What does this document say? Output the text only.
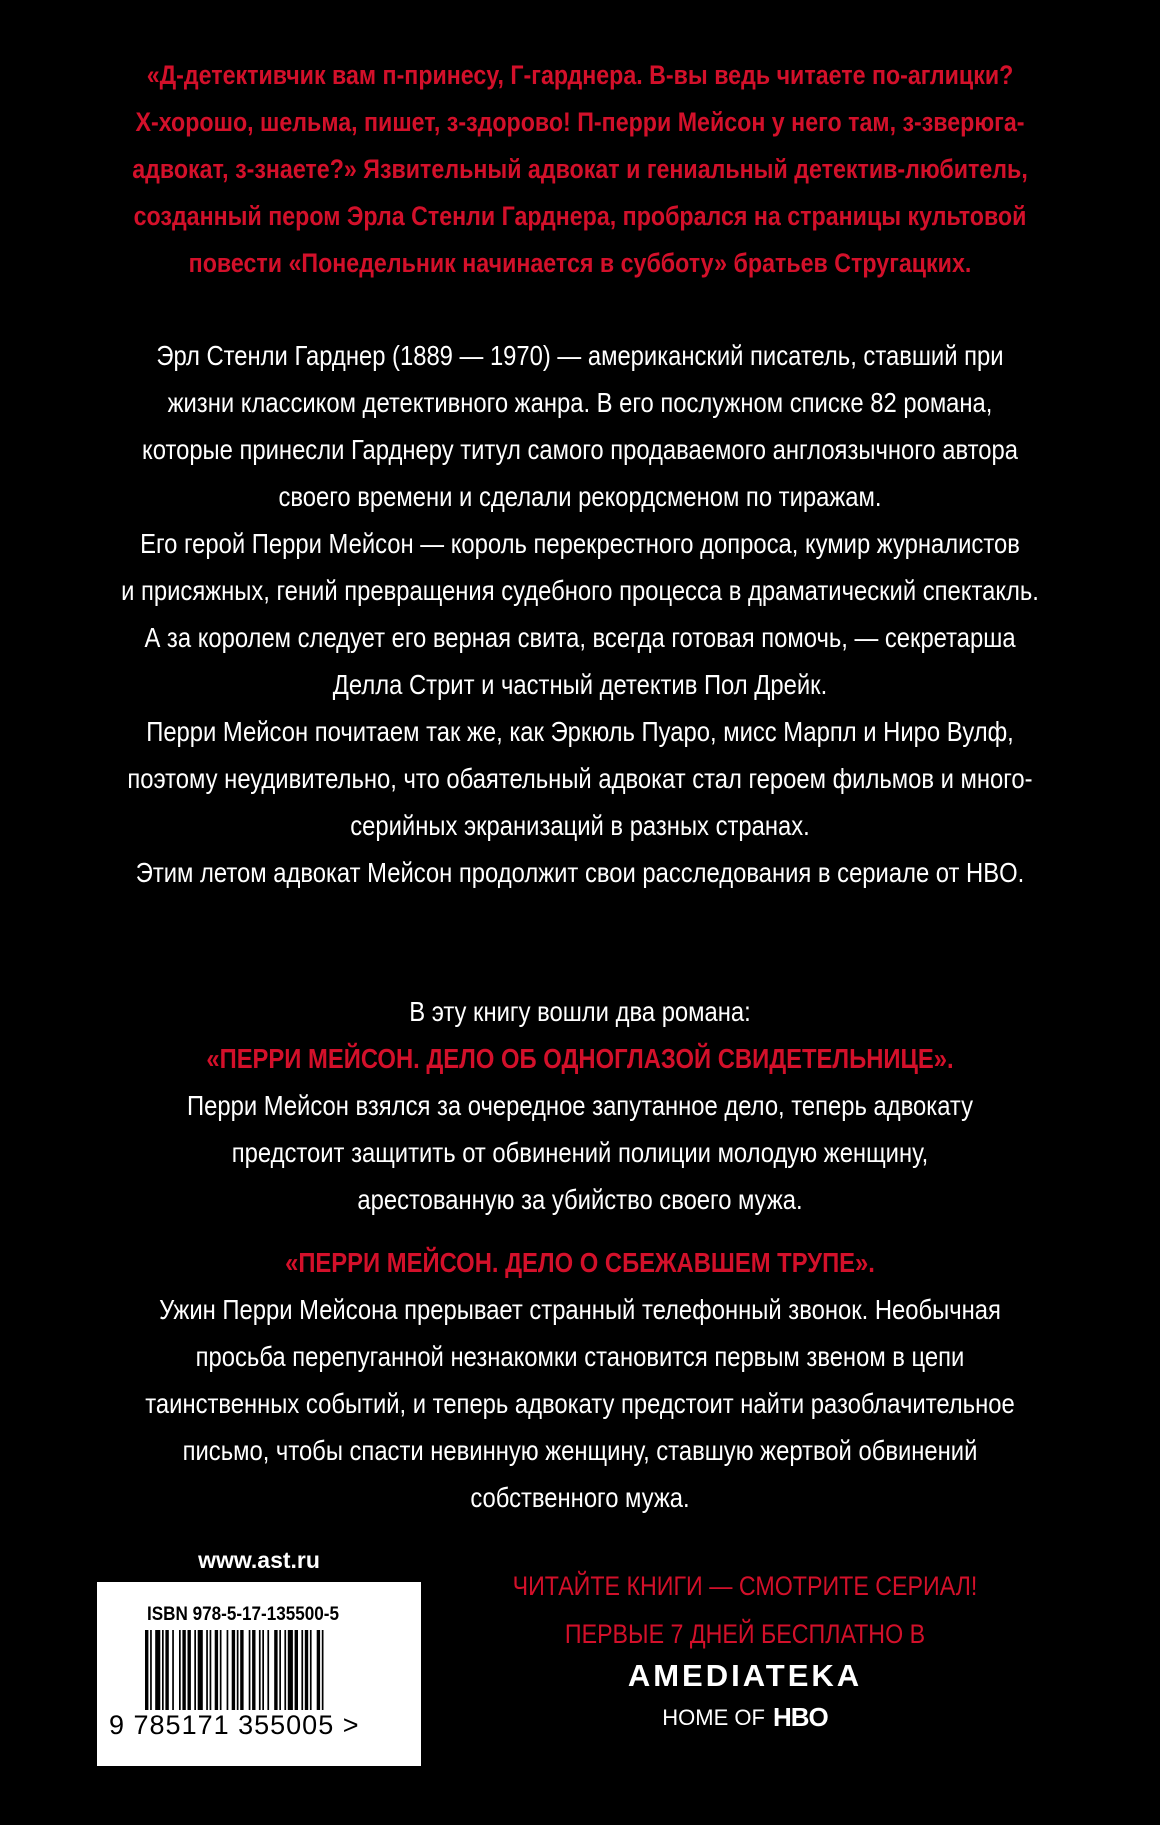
«Д-детективчик вам п-принесу, Г-гарднера. В-вы ведь читаете по-аглицки?
Х-хорошо, шельма, пишет, з-здорово! П-перри Мейсон у него там, з-зверюга-
адвокат, з-знаете?» Язвительный адвокат и гениальный детектив-любитель,
созданный пером Эрла Стенли Гарднера, пробрался на страницы культовой
повести «Понедельник начинается в субботу» братьев Стругацких.
Эрл Стенли Гарднер (1889 — 1970) — американский писатель, ставший при
жизни классиком детективного жанра. В его послужном списке 82 романа,
которые принесли Гарднеру титул самого продаваемого англоязычного автора
своего времени и сделали рекордсменом по тиражам.
Его герой Перри Мейсон — король перекрестного допроса, кумир журналистов
и присяжных, гений превращения судебного процесса в драматический спектакль.
А за королем следует его верная свита, всегда готовая помочь, — секретарша
Делла Стрит и частный детектив Пол Дрейк.
Перри Мейсон почитаем так же, как Эркюль Пуаро, мисс Марпл и Ниро Вулф,
поэтому неудивительно, что обаятельный адвокат стал героем фильмов и много-
серийных экранизаций в разных странах.
Этим летом адвокат Мейсон продолжит свои расследования в сериале от HBO.
В эту книгу вошли два романа:
«ПЕРРИ МЕЙСОН. ДЕЛО ОБ ОДНОГЛАЗОЙ СВИДЕТЕЛЬНИЦЕ».
Перри Мейсон взялся за очередное запутанное дело, теперь адвокату
предстоит защитить от обвинений полиции молодую женщину,
арестованную за убийство своего мужа.
«ПЕРРИ МЕЙСОН. ДЕЛО О СБЕЖАВШЕМ ТРУПЕ».
Ужин Перри Мейсона прерывает странный телефонный звонок. Необычная
просьба перепуганной незнакомки становится первым звеном в цепи
таинственных событий, и теперь адвокату предстоит найти разоблачительное
письмо, чтобы спасти невинную женщину, ставшую жертвой обвинений
собственного мужа.
www.ast.ru
ISBN 978-5-17-135500-5
9 785171 355005 >
ЧИТАЙТЕ КНИГИ — СМОТРИТЕ СЕРИАЛ!
ПЕРВЫЕ 7 ДНЕЙ БЕСПЛАТНО В
AMEDIATEKA
HOME OF HBO
